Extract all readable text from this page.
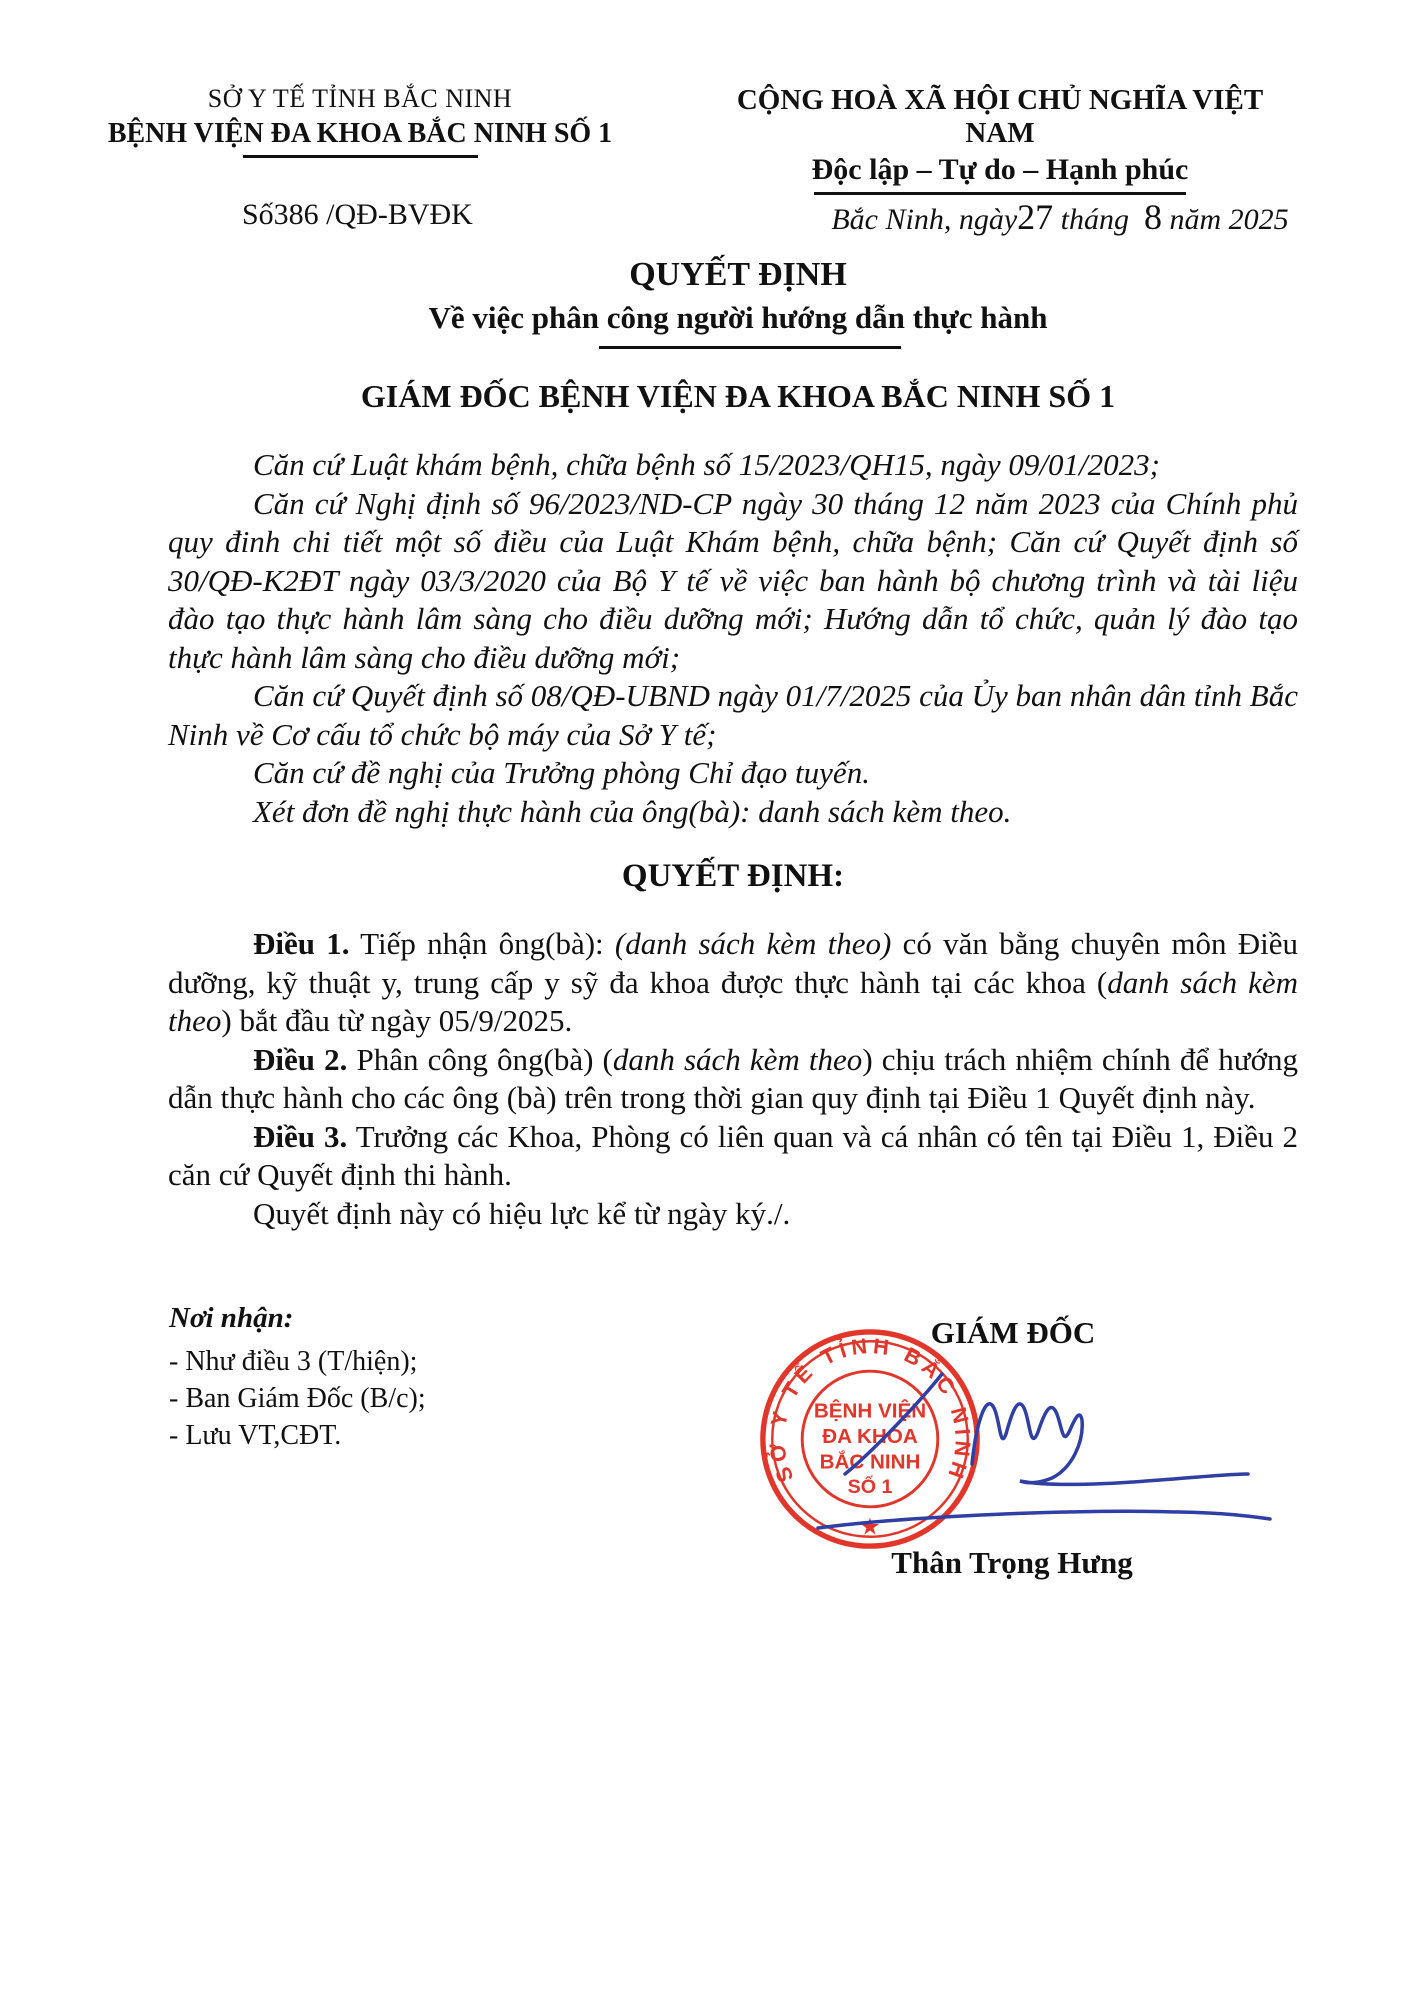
SỞ Y TẾ TỈNH BẮC NINH
BỆNH VIỆN ĐA KHOA BẮC NINH SỐ 1
CỘNG HOÀ XÃ HỘI CHỦ NGHĨA VIỆT NAM
Độc lập – Tự do – Hạnh phúc
Số386 /QĐ-BVĐK	Bắc Ninh, ngày27 tháng  8 năm 2025
QUYẾT ĐỊNH
Về việc phân công người hướng dẫn thực hành
GIÁM ĐỐC BỆNH VIỆN ĐA KHOA BẮC NINH SỐ 1

Căn cứ Luật khám bệnh, chữa bệnh số 15/2023/QH15, ngày 09/01/2023;

Căn cứ Nghị định số 96/2023/ND-CP ngày 30 tháng 12 năm 2023 của Chính phủ quy đinh chi tiết một số điều của Luật Khám bệnh, chữa bệnh; Căn cứ Quyết định số 30/QĐ-K2ĐT ngày 03/3/2020 của Bộ Y tế về việc ban hành bộ chương trình và tài liệu đào tạo thực hành lâm sàng cho điều dưỡng mới; Hướng dẫn tổ chức, quản lý đào tạo thực hành lâm sàng cho điều dưỡng mới;

Căn cứ Quyết định số 08/QĐ-UBND ngày 01/7/2025 của Ủy ban nhân dân tỉnh Bắc Ninh về Cơ cấu tổ chức bộ máy của Sở Y tế;

Căn cứ đề nghị của Trưởng phòng Chỉ đạo tuyến.

Xét đơn đề nghị thực hành của ông(bà): danh sách kèm theo.

QUYẾT ĐỊNH:

Điều 1. Tiếp nhận ông(bà): (danh sách kèm theo) có văn bằng chuyên môn Điều dưỡng, kỹ thuật y, trung cấp y sỹ đa khoa được thực hành tại các khoa (danh sách kèm theo) bắt đầu từ ngày 05/9/2025.

Điều 2. Phân công ông(bà) (danh sách kèm theo) chịu trách nhiệm chính để hướng dẫn thực hành cho các ông (bà) trên trong thời gian quy định tại Điều 1 Quyết định này.

Điều 3. Trưởng các Khoa, Phòng có liên quan và cá nhân có tên tại Điều 1, Điều 2 căn cứ Quyết định thi hành.

Quyết định này có hiệu lực kể từ ngày ký./.

Nơi nhận:
- Như điều 3 (T/hiện);
- Ban Giám Đốc (B/c);
- Lưu VT,CĐT.
GIÁM ĐỐC
SỞ Y TẾ TỈNH BẮC NINH
BỆNH VIỆN
ĐA KHOA
BẮC NINH
SỐ 1
★
Thân Trọng Hưng
